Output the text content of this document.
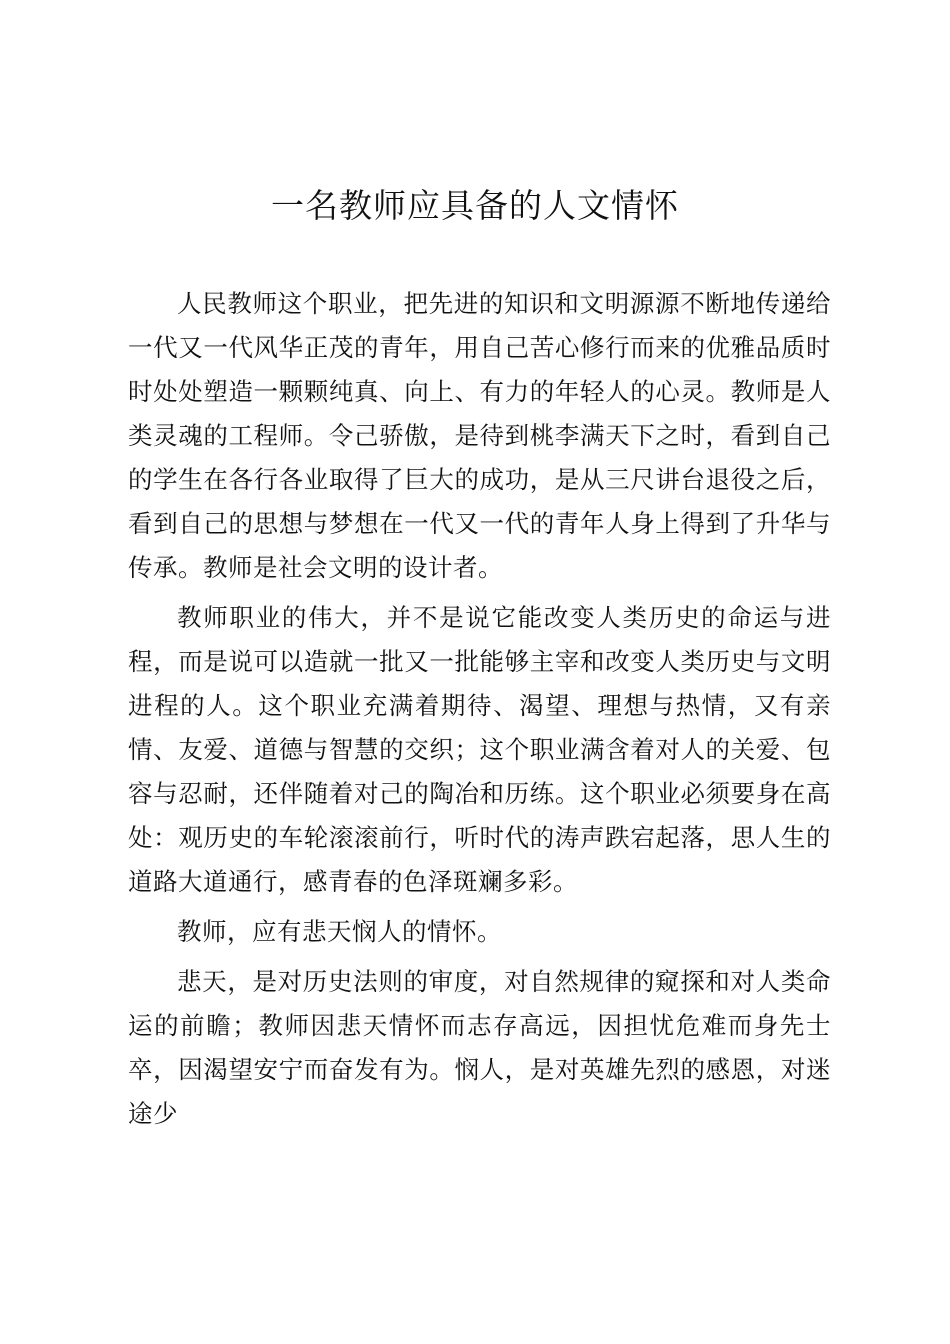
一名教师应具备的人文情怀

人民教师这个职业，把先进的知识和文明源源不断地传递给一代又一代风华正茂的青年，用自己苦心修行而来的优雅品质时时处处塑造一颗颗纯真、向上、有力的年轻人的心灵。教师是人类灵魂的工程师。令己骄傲，是待到桃李满天下之时，看到自己的学生在各行各业取得了巨大的成功，是从三尺讲台退役之后，看到自己的思想与梦想在一代又一代的青年人身上得到了升华与传承。教师是社会文明的设计者。

教师职业的伟大，并不是说它能改变人类历史的命运与进程，而是说可以造就一批又一批能够主宰和改变人类历史与文明进程的人。这个职业充满着期待、渴望、理想与热情，又有亲情、友爱、道德与智慧的交织；这个职业满含着对人的关爱、包容与忍耐，还伴随着对己的陶冶和历练。这个职业必须要身在高处：观历史的车轮滚滚前行，听时代的涛声跌宕起落，思人生的道路大道通行，感青春的色泽斑斓多彩。

教师，应有悲天悯人的情怀。

悲天，是对历史法则的审度，对自然规律的窥探和对人类命运的前瞻；教师因悲天情怀而志存高远，因担忧危难而身先士卒，因渴望安宁而奋发有为。悯人，是对英雄先烈的感恩，对迷途少
